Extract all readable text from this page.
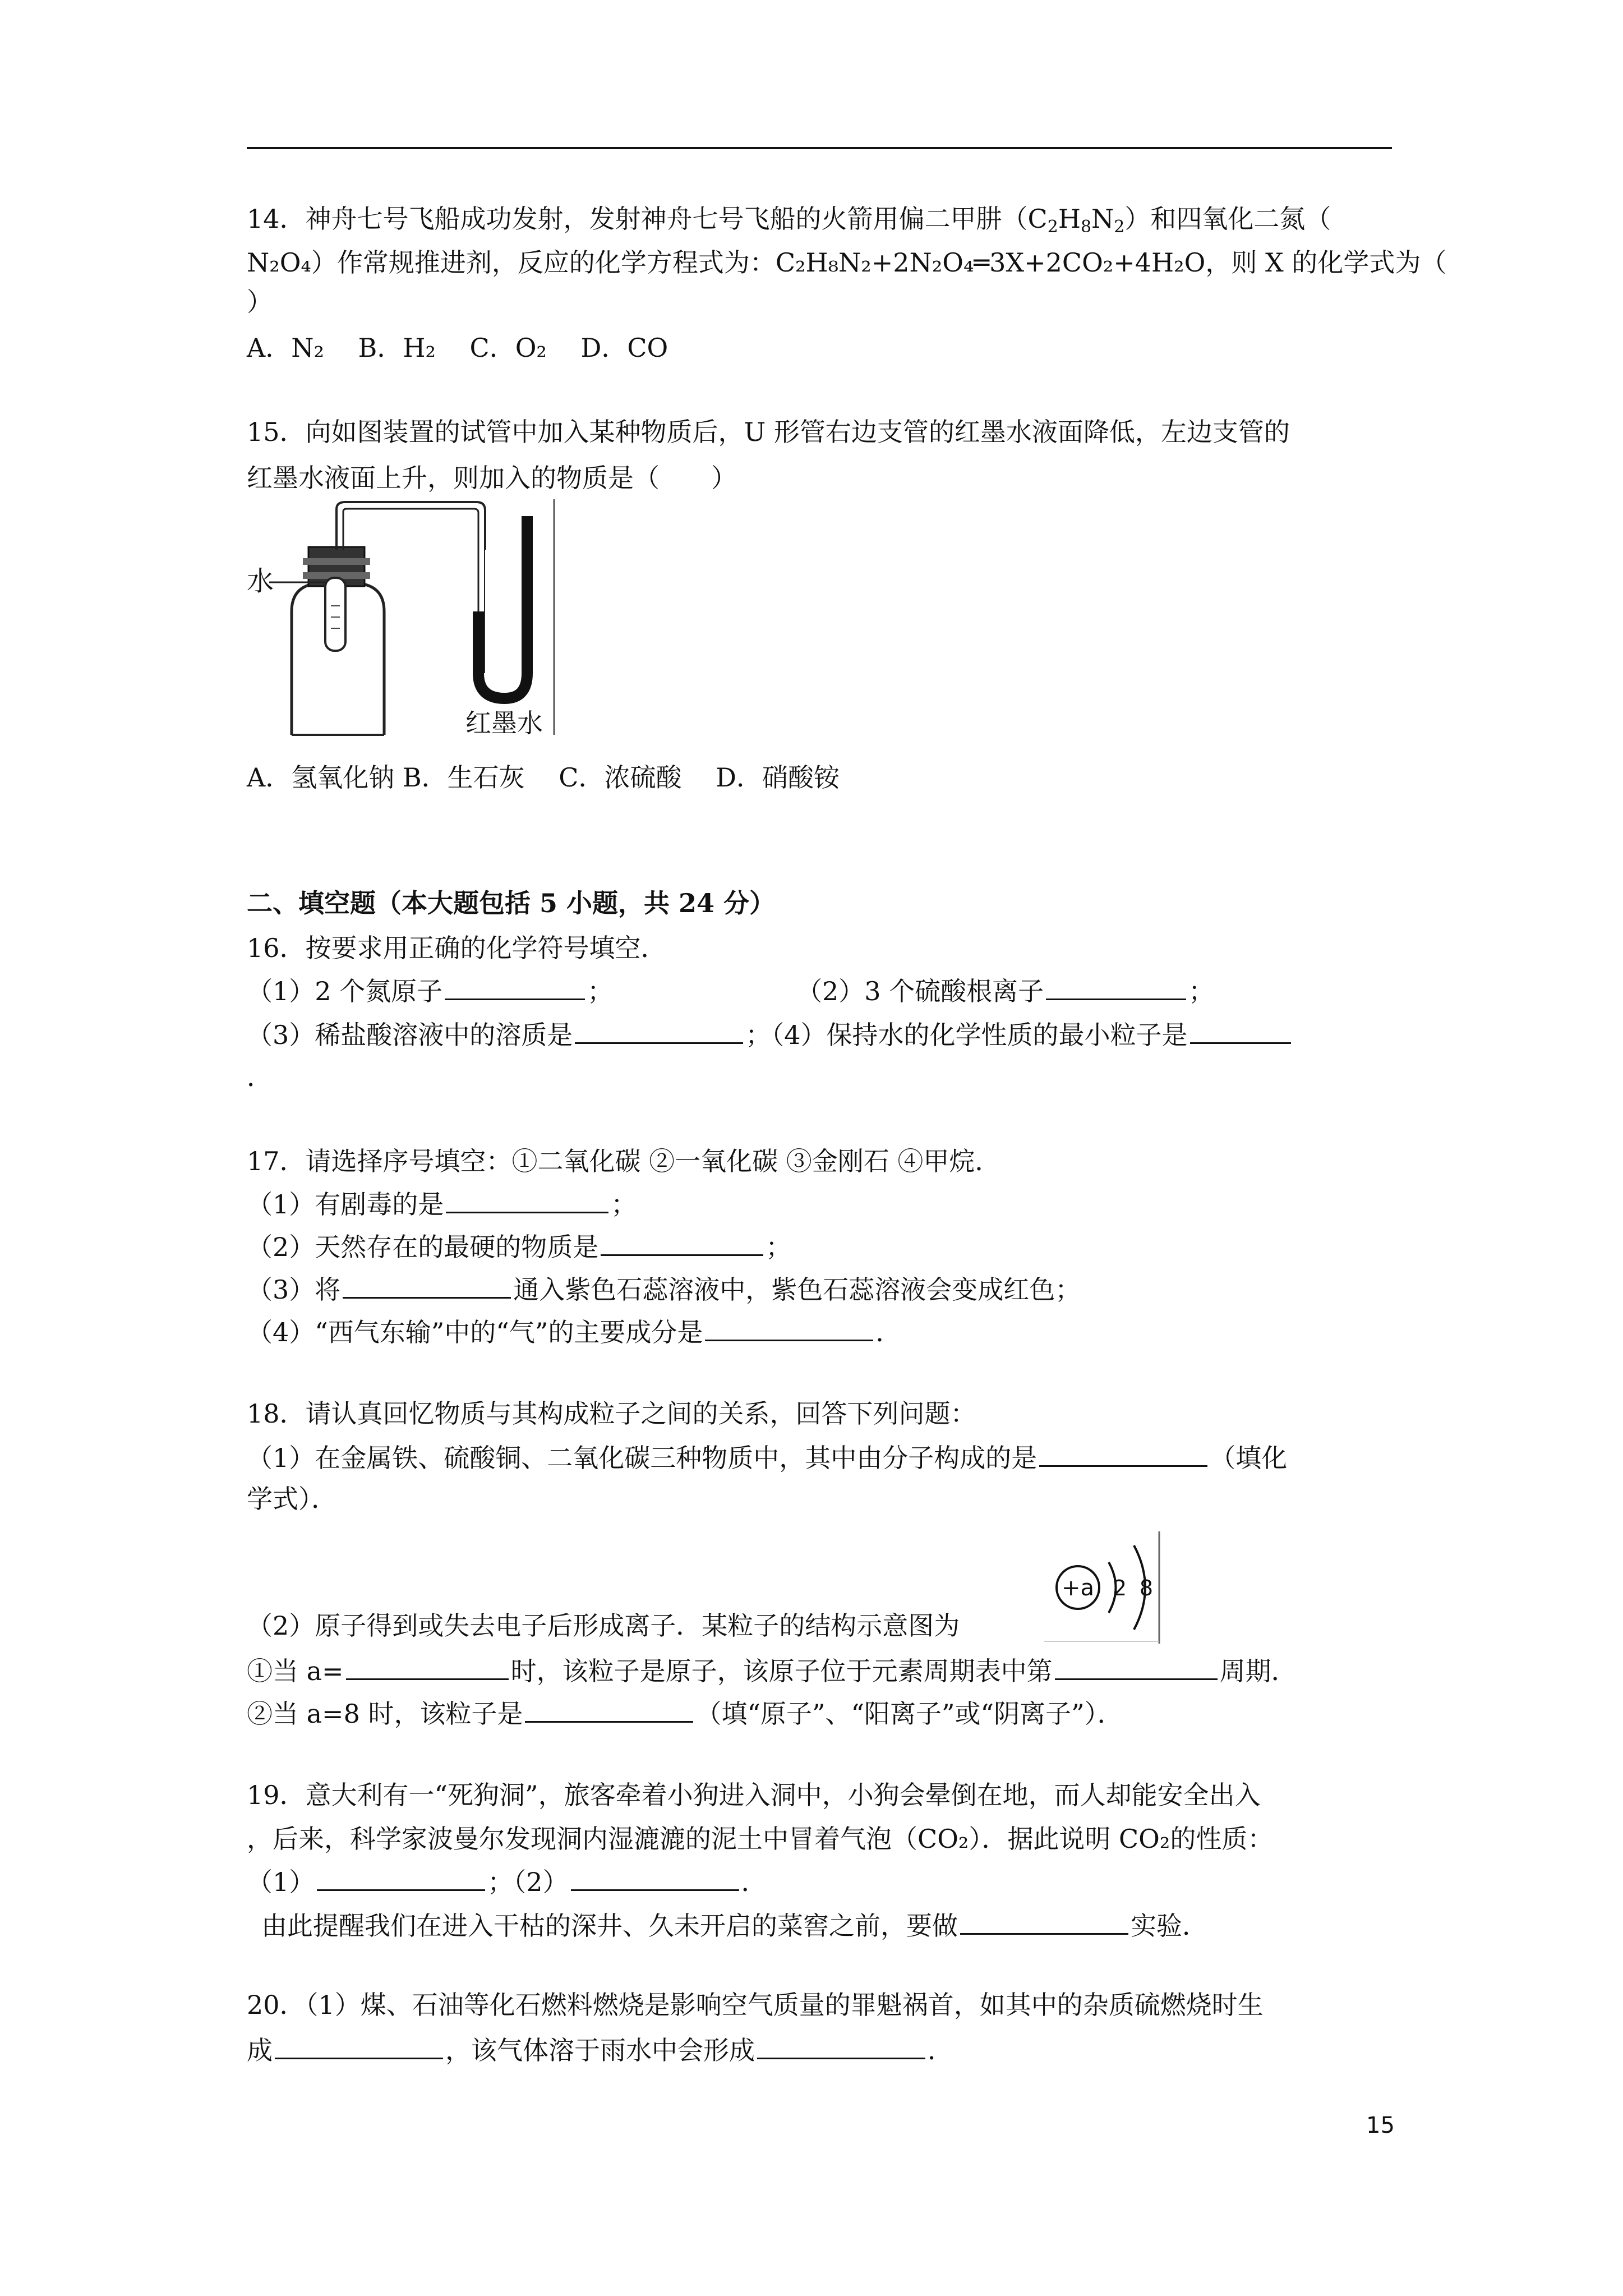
14．神舟七号飞船成功发射，发射神舟七号飞船的火箭用偏二甲肼$(C_2H_8N_2)$和四氧化二氮（
N₂O₄）作常规推进剂，反应的化学方程式为：C₂H₈N₂+2N₂O₄═3X+2CO₂+4H₂O，则 X 的化学式为（
）
A．N₂　 B．H₂　 C．O₂　 D．CO
15．向如图装置的试管中加入某种物质后，U 形管右边支管的红墨水液面降低，左边支管的
红墨水液面上升，则加入的物质是（　　）
水
红墨水
A．氢氧化钠 B．生石灰　 C．浓硫酸　 D．硝酸铵
二、填空题（本大题包括 5 小题，共 24 分）
16．按要求用正确的化学符号填空．
（1）2 个氮原子	；	（2）3 个硫酸根离子	；
（3）稀盐酸溶液中的溶质是	；（4）保持水的化学性质的最小粒子是
．
17．请选择序号填空：①二氧化碳 ②一氧化碳 ③金刚石 ④甲烷．
（1）有剧毒的是	；
（2）天然存在的最硬的物质是	；
（3）将	通入紫色石蕊溶液中，紫色石蕊溶液会变成红色；
（4）“西气东输”中的“气”的主要成分是	．
18．请认真回忆物质与其构成粒子之间的关系，回答下列问题：
（1）在金属铁、硫酸铜、二氧化碳三种物质中，其中由分子构成的是	（填化
学式）．
+a 2 8
（2）原子得到或失去电子后形成离子．某粒子的结构示意图为
①当 a=	时，该粒子是原子，该原子位于元素周期表中第	周期．
②当 a=8 时，该粒子是	（填“原子”、“阳离子”或“阴离子”）．
19．意大利有一“死狗洞”，旅客牵着小狗进入洞中，小狗会晕倒在地，而人却能安全出入
，后来，科学家波曼尔发现洞内湿漉漉的泥土中冒着气泡（CO₂）．据此说明 CO₂的性质：
（1）	；（2）	．
由此提醒我们在进入干枯的深井、久未开启的菜窖之前，要做	实验．
20．（1）煤、石油等化石燃料燃烧是影响空气质量的罪魁祸首，如其中的杂质硫燃烧时生
成	，该气体溶于雨水中会形成	．
15
